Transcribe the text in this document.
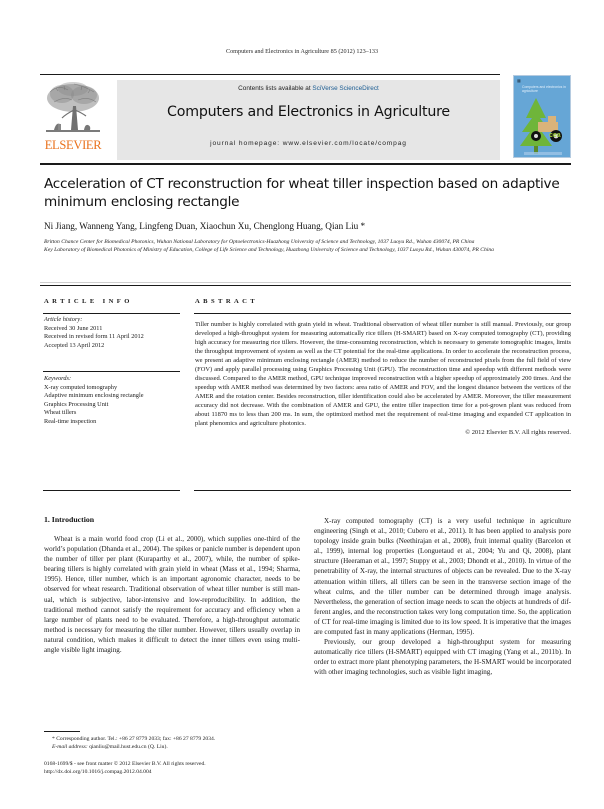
Computers and Electronics in Agriculture 85 (2012) 123–133
ELSEVIER
Contents lists available at SciVerse ScienceDirect
Computers and Electronics in Agriculture
journal homepage: www.elsevier.com/locate/compag
▦
Computers and electronics in agriculture
cea
Acceleration of CT reconstruction for wheat tiller inspection based on adaptive minimum enclosing rectangle
Ni Jiang, Wanneng Yang, Lingfeng Duan, Xiaochun Xu, Chenglong Huang, Qian Liu *
Britton Chance Center for Biomedical Photonics, Wuhan National Laboratory for Optoelectronics-Huazhong University of Science and Technology, 1037 Luoyu Rd., Wuhan 430074, PR China
Key Laboratory of Biomedical Photonics of Ministry of Education, College of Life Science and Technology, Huazhong University of Science and Technology, 1037 Luoyu Rd., Wuhan 430074, PR China
ARTICLE INFO
Article history:
Received 30 June 2011
Received in revised form 11 April 2012
Accepted 13 April 2012
Keywords:
X-ray computed tomography
Adaptive minimum enclosing rectangle
Graphics Processing Unit
Wheat tillers
Real-time inspection
ABSTRACT
Tiller number is highly correlated with grain yield in wheat. Traditional observation of wheat tiller number is still manual. Previously, our group developed a high-throughput system for measuring automatically rice tillers (H-SMART) based on X-ray computed tomography (CT), providing high accuracy for measuring rice tillers. However, the time-consuming reconstruction, which is necessary to generate tomographic images, limits the throughput improvement of system as well as the CT potential for the real-time applications. In order to accelerate the reconstruction process, we present an adaptive minimum enclosing rectangle (AMER) method to reduce the number of reconstructed pixels from the full field of view (FOV) and apply parallel processing using Graphics Processing Unit (GPU). The reconstruction time and speedup with different methods were discussed. Compared to the AMER method, GPU technique improved reconstruction with a higher speedup of approximately 200 times. And the speedup with AMER method was determined by two factors: area ratio of AMER and FOV, and the longest distance between the vertices of the AMER and the rotation center. Besides reconstruction, tiller identification could also be accelerated by AMER. Moreover, the tiller measurement accuracy did not decrease. With the combination of AMER and GPU, the entire tiller inspection time for a pot-grown plant was reduced from about 11870 ms to less than 200 ms. In sum, the optimized method met the requirement of real-time imaging and expanded CT application in plant phenomics and agriculture photonics.
© 2012 Elsevier B.V. All rights reserved.
1. Introduction

Wheat is a main world food crop (Li et al., 2000), which supplies one-third of the world’s population (Dhanda et al., 2004). The spikes or panicle number is dependent upon the number of tiller per plant (Kuraparthy et al., 2007), while, the number of spike-bearing tillers is highly correlated with grain yield in wheat (Mass et al., 1994; Sharma, 1995). Hence, tiller number, which is an important agronomic character, needs to be observed for wheat research. Traditional observation of wheat tiller number is still manual, which is subjective, labor-intensive and low-reproducibility. In addition, the traditional method cannot satisfy the requirement for accuracy and efficiency when a large number of plants need to be evaluated. Therefore, a high-throughput automatic method is necessary for measuring the tiller number. However, tillers usually overlap in natural condition, which makes it difficult to detect the inner tillers even using multi-angle visible light imaging.

X-ray computed tomography (CT) is a very useful technique in agriculture engineering (Singh et al., 2010; Cubero et al., 2011). It has been applied to analysis pore topology inside grain bulks (Neethirajan et al., 2008), fruit internal quality (Barcelon et al., 1999), internal log properties (Longuetaud et al., 2004; Yu and Qi, 2008), plant structure (Heeraman et al., 1997; Stuppy et al., 2003; Dhondt et al., 2010). In virtue of the penetrability of X-ray, the internal structures of objects can be revealed. Due to the X-ray attenuation within tillers, all tillers can be seen in the transverse section image of the wheat culms, and the tiller number can be determined through image analysis. Nevertheless, the generation of section image needs to scan the objects at hundreds of different angles, and the reconstruction takes very long computation time. So, the application of CT for real-time imaging is limited due to its low speed. It is imperative that the images are computed fast in many applications (Herman, 1995).

Previously, our group developed a high-throughput system for measuring automatically rice tillers (H-SMART) equipped with CT imaging (Yang et al., 2011b). In order to extract more plant phenotyping parameters, the H-SMART would be incorporated with other imaging technologies, such as visible light imaging,

* Corresponding author. Tel.: +86 27 8779 2033; fax: +86 27 8779 2034.
E-mail address: qianliu@mail.hust.edu.cn (Q. Liu).
0168-1699/$ - see front matter © 2012 Elsevier B.V. All rights reserved.
http://dx.doi.org/10.1016/j.compag.2012.04.004
